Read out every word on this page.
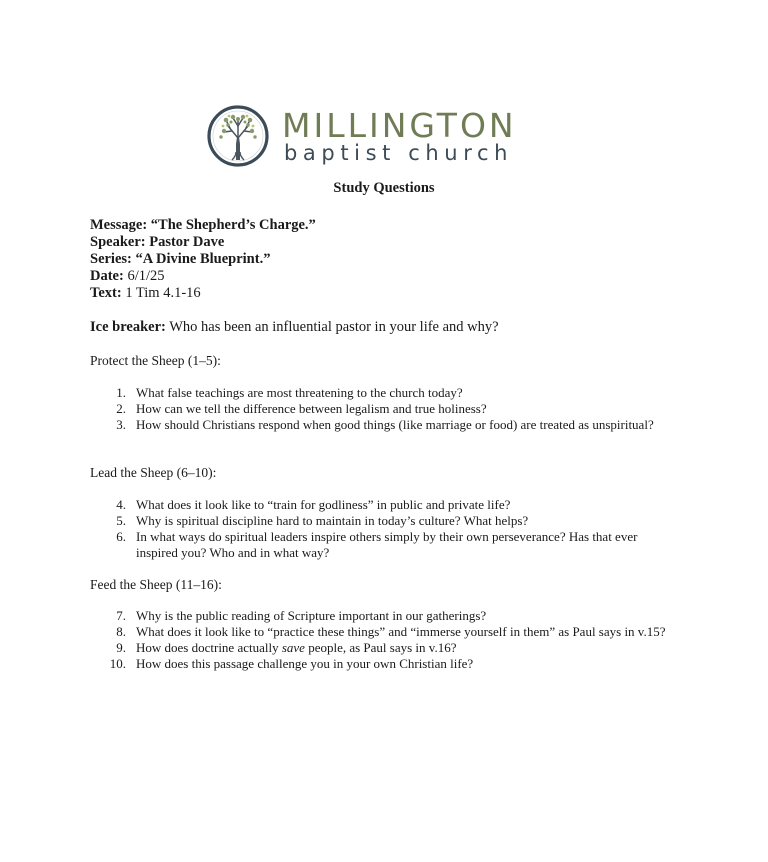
MILLINGTON
baptist church
Study Questions
Message: “The Shepherd’s Charge.”
Speaker: Pastor Dave
Series: “A Divine Blueprint.”
Date: 6/1/25
Text: 1 Tim 4.1-16
Ice breaker: Who has been an influential pastor in your life and why?
Protect the Sheep (1–5):
1. What false teachings are most threatening to the church today?
2. How can we tell the difference between legalism and true holiness?
3. How should Christians respond when good things (like marriage or food) are treated as unspiritual?
Lead the Sheep (6–10):
4. What does it look like to “train for godliness” in public and private life?
5. Why is spiritual discipline hard to maintain in today’s culture? What helps?
6. In what ways do spiritual leaders inspire others simply by their own perseverance? Has that ever inspired you? Who and in what way?
Feed the Sheep (11–16):
7. Why is the public reading of Scripture important in our gatherings?
8. What does it look like to “practice these things” and “immerse yourself in them” as Paul says in v.15?
9. How does doctrine actually save people, as Paul says in v.16?
10. How does this passage challenge you in your own Christian life?
